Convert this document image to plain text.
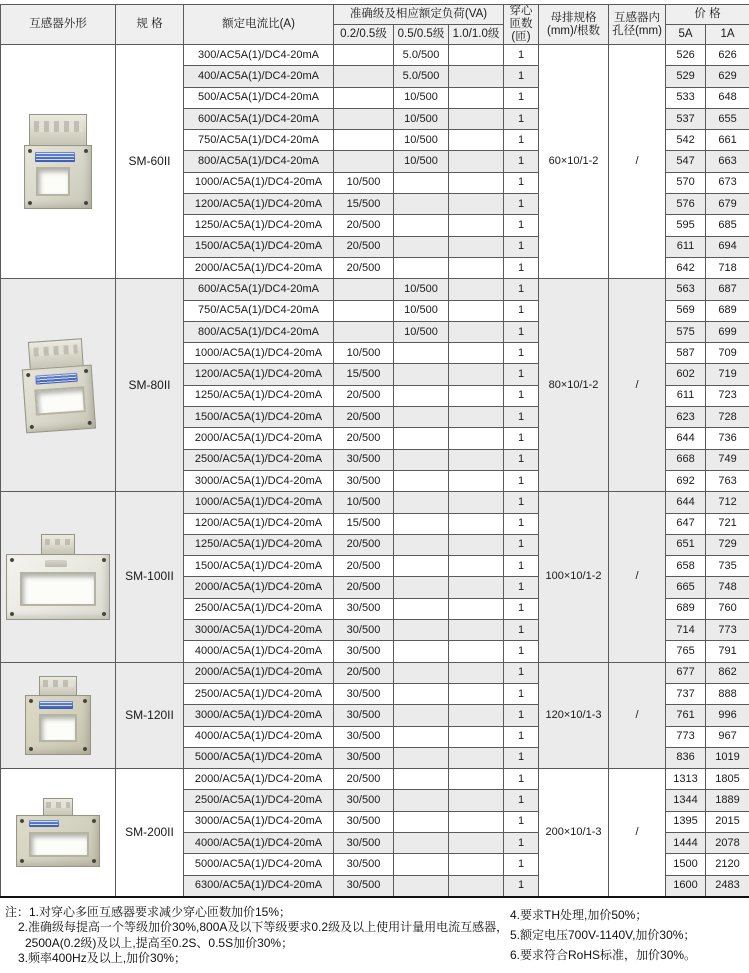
互感器外形	规 格	额定电流比(A)	准确级及相应额定负荷(VA)			穿心匝数(匝)	母排规格(mm)/根数	互感器内孔径(mm)	价 格	
			0.2/0.5级	0.5/0.5级	1.0/1.0级				5A	1A

	SM-60II	300/AC5A(1)/DC4-20mA		5.0/500		1	60×10/1-2	/	526	626
		400/AC5A(1)/DC4-20mA		5.0/500		1			529	629
		500/AC5A(1)/DC4-20mA		10/500		1			533	648
		600/AC5A(1)/DC4-20mA		10/500		1			537	655
		750/AC5A(1)/DC4-20mA		10/500		1			542	661
		800/AC5A(1)/DC4-20mA		10/500		1			547	663
		1000/AC5A(1)/DC4-20mA	10/500			1			570	673
		1200/AC5A(1)/DC4-20mA	15/500			1			576	679
		1250/AC5A(1)/DC4-20mA	20/500			1			595	685
		1500/AC5A(1)/DC4-20mA	20/500			1			611	694
		2000/AC5A(1)/DC4-20mA	20/500			1			642	718

	SM-80II	600/AC5A(1)/DC4-20mA		10/500		1	80×10/1-2	/	563	687
		750/AC5A(1)/DC4-20mA		10/500		1			569	689
		800/AC5A(1)/DC4-20mA		10/500		1			575	699
		1000/AC5A(1)/DC4-20mA	10/500			1			587	709
		1200/AC5A(1)/DC4-20mA	15/500			1			602	719
		1250/AC5A(1)/DC4-20mA	20/500			1			611	723
		1500/AC5A(1)/DC4-20mA	20/500			1			623	728
		2000/AC5A(1)/DC4-20mA	20/500			1			644	736
		2500/AC5A(1)/DC4-20mA	30/500			1			668	749
		3000/AC5A(1)/DC4-20mA	30/500			1			692	763

	SM-100II	1000/AC5A(1)/DC4-20mA	10/500			1	100×10/1-2	/	644	712
		1200/AC5A(1)/DC4-20mA	15/500			1			647	721
		1250/AC5A(1)/DC4-20mA	20/500			1			651	729
		1500/AC5A(1)/DC4-20mA	20/500			1			658	735
		2000/AC5A(1)/DC4-20mA	20/500			1			665	748
		2500/AC5A(1)/DC4-20mA	30/500			1			689	760
		3000/AC5A(1)/DC4-20mA	30/500			1			714	773
		4000/AC5A(1)/DC4-20mA	30/500			1			765	791

	SM-120II	2000/AC5A(1)/DC4-20mA	20/500			1	120×10/1-3	/	677	862
		2500/AC5A(1)/DC4-20mA	30/500			1			737	888
		3000/AC5A(1)/DC4-20mA	30/500			1			761	996
		4000/AC5A(1)/DC4-20mA	30/500			1			773	967
		5000/AC5A(1)/DC4-20mA	30/500			1			836	1019

	SM-200II	2000/AC5A(1)/DC4-20mA	20/500			1	200×10/1-3	/	1313	1805
		2500/AC5A(1)/DC4-20mA	30/500			1			1344	1889
		3000/AC5A(1)/DC4-20mA	30/500			1			1395	2015
		4000/AC5A(1)/DC4-20mA	30/500			1			1444	2078
		5000/AC5A(1)/DC4-20mA	30/500			1			1500	2120
		6300/AC5A(1)/DC4-20mA	30/500			1			1600	2483
注：1.对穿心多匝互感器要求减少穿心匝数加价15%；
2.准确级每提高一个等级加价30%,800A及以下等级要求0.2级及以上使用计量用电流互感器，
2500A(0.2级)及以上,提高至0.2S、0.5S加价30%；
3.频率400Hz及以上,加价30%；
4.要求TH处理,加价50%；
5.额定电压700V-1140V,加价30%；
6.要求符合RoHS标准，加价30%。
